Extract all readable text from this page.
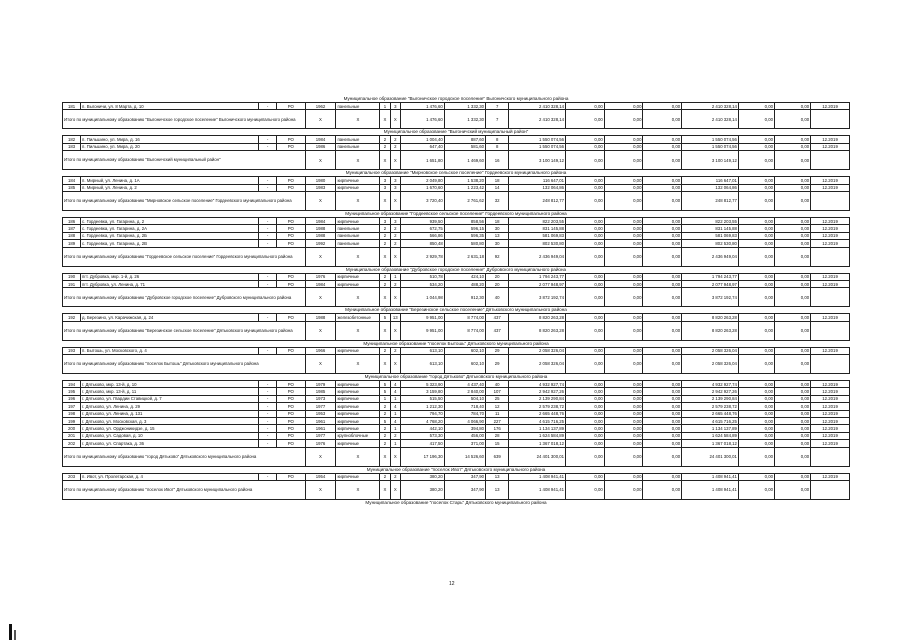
Муниципальное образование "Выгоничское городское поселение" Выгоничского муниципального района
181	п. Выгоничи, ул. 8 Марта, д. 10	-	РО	1962	панельные	1	3	1 476,60	1 332,30	7	2 410 328,14	0,00	0,00	0,00	2 410 328,14	0,00	0,00	12.2019
Итого по муниципальному образованию "Выгоничское городское поселение" Выгоничского муниципального района				X	X	X	X	1 476,60	1 332,30	7	2 410 328,14	0,00	0,00	0,00	2 410 328,14	0,00	0,00	
Муниципальное образование "Выгоничский муниципальный район"
182	п. Пильшино, ул. Мира, д. 16	-	РО	1984	панельные	2	2	1 004,40	887,60	8	1 550 074,56	0,00	0,00	0,00	1 550 074,56	0,00	0,00	12.2019
183	п. Пильшино, ул. Мира, д. 20	-	РО	1986	панельные	2	2	647,40	581,60	8	1 550 074,56	0,00	0,00	0,00	1 550 074,56	0,00	0,00	12.2019
Итого по муниципальному образованию "Выгоничский муниципальный район"				X	X	X	X	1 651,80	1 469,60	16	3 100 149,12	0,00	0,00	0,00	3 100 149,12	0,00	0,00	
Муниципальное образование "Мирновское сельское поселение" Гордеевского муниципального района
184	п. Мирный, ул. Ленина, д. 1А	-	РО	1980	кирпичные	3	3	2 049,80	1 538,20	18	116 647,01	0,00	0,00	0,00	116 647,01	0,00	0,00	12.2019
185	п. Мирный, ул. Ленина, д. 2	-	РО	1983	кирпичные	3	3	1 670,60	1 223,42	14	132 064,86	0,00	0,00	0,00	132 064,86	0,00	0,00	12.2019
Итого по муниципальному образованию "Мирновское сельское поселение" Гордеевского муниципального района				X	X	X	X	3 720,40	2 761,62	32	248 812,77	0,00	0,00	0,00	248 812,77	0,00	0,00	
Муниципальное образование "Гордеевское сельское поселение" Гордеевского муниципального района
186	с. Гордеевка, ул. Гагарина, д. 2	-	РО	1984	кирпичные	3	3	939,50	858,56	18	822 203,55	0,00	0,00	0,00	822 203,55	0,00	0,00	12.2019
187	с. Гордеевка, ул. Гагарина, д. 2А	-	РО	1988	панельные	2	2	672,75	596,15	30	831 145,88	0,00	0,00	0,00	831 145,88	0,00	0,00	12.2019
188	с. Гордеевка, ул. Гагарина, д. 2Б	-	РО	1988	панельные	2	2	566,86	596,35	13	581 069,83	0,00	0,00	0,00	581 069,83	0,00	0,00	12.2019
189	с. Гордеевка, ул. Гагарина, д. 2В	-	РО	1992	панельные	2	2	850,48	580,80	30	802 530,80	0,00	0,00	0,00	802 530,80	0,00	0,00	12.2019
Итого по муниципальному образованию "Гордеевское сельское поселение" Гордеевского муниципального района				X	X	X	X	2 929,78	2 631,18	92	2 436 949,04	0,00	0,00	0,00	2 436 949,04	0,00	0,00	
Муниципальное образование "Дубровское городское поселение" Дубровского муниципального района
190	пгт. Дубровка, мкр. 1-й, д. 26	-	РО	1976	кирпичные	2	1	510,78	424,10	20	1 794 243,77	0,00	0,00	0,00	1 794 243,77	0,00	0,00	12.2019
191	пгт. Дубровка, ул. Ленина, д. 71	-	РО	1984	кирпичные	2	2	534,20	488,20	20	2 077 948,97	0,00	0,00	0,00	2 077 948,97	0,00	0,00	12.2019
Итого по муниципальному образованию "Дубровское городское поселение" Дубровского муниципального района				X	X	X	X	1 044,98	912,30	40	3 872 192,74	0,00	0,00	0,00	3 872 192,74	0,00	0,00	
Муниципальное образование "Березинское сельское поселение" Дятьковского муниципального района
192	д. Березино, ул. Карачижская, д. 24	-	РО	1988	железобетонные	5	13	9 951,00	8 774,00	437	8 820 263,28	0,00	0,00	0,00	8 820 263,28	0,00	0,00	12.2019
Итого по муниципальному образованию "Березинское сельское поселение" Дятьковского муниципального района				X	X	X	X	9 951,00	8 774,00	437	8 820 263,28	0,00	0,00	0,00	8 820 263,28	0,00	0,00	
Муниципальное образование "поселок Бытошь" Дятьковского муниципального района
193	п. Бытошь, ул. Московского, д. 4	-	РО	1966	кирпичные	2	2	613,10	602,10	29	2 058 326,04	0,00	0,00	0,00	2 058 326,04	0,00	0,00	12.2019
Итого по муниципальному образованию "поселок Бытошь" Дятьковского муниципального района				X	X	X	X	613,10	602,10	29	2 058 326,04	0,00	0,00	0,00	2 058 326,04	0,00	0,00	
Муниципальное образование "город Дятьково" Дятьковского муниципального района
194	г. Дятьково, мкр. 13-й, д. 10	-	РО	1979	кирпичные	5	4	5 323,90	4 437,40	40	4 932 927,74	0,00	0,00	0,00	4 932 927,74	0,00	0,00	12.2019
195	г. Дятьково, мкр. 13-й, д. 11	-	РО	1985	кирпичные	5	4	3 159,80	2 840,00	107	2 942 927,26	0,00	0,00	0,00	2 942 927,26	0,00	0,00	12.2019
196	г. Дятьково, ул. Гвардии Ставицкой, д. 7	-	РО	1973	кирпичные	1	1	515,50	504,10	25	2 139 290,84	0,00	0,00	0,00	2 139 290,84	0,00	0,00	12.2019
197	г. Дятьково, ул. Ленина, д. 29	-	РО	1977	кирпичные	2	4	1 212,30	718,40	12	2 579 238,72	0,00	0,00	0,00	2 579 238,72	0,00	0,00	12.2019
198	г. Дятьково, ул. Ленина, д. 131	-	РО	1953	кирпичные	2	1	794,70	784,70	11	2 665 448,76	0,00	0,00	0,00	2 665 448,76	0,00	0,00	12.2019
199	г. Дятьково, ул. Московская, д. 3	-	РО	1961	кирпичные	5	4	4 768,20	4 066,90	227	4 615 716,25	0,00	0,00	0,00	4 615 716,25	0,00	0,00	12.2019
200	г. Дятьково, ул. Орджоникидзе, д. 15	-	РО	1961	кирпичные	2	1	442,10	394,80	176	1 134 137,89	0,00	0,00	0,00	1 134 137,89	0,00	0,00	12.2019
201	г. Дятьково, ул. Садовая, д. 10	-	РО	1977	крупноблочные	2	2	573,30	456,00	28	1 624 584,89	0,00	0,00	0,00	1 624 584,89	0,00	0,00	12.2019
202	г. Дятьково, ул. Спартака, д. 36	-	РО	1976	кирпичные	2	1	417,50	371,00	15	1 367 018,12	0,00	0,00	0,00	1 367 018,12	0,00	0,00	12.2019
Итого по муниципальному образованию "город Дятьково" Дятьковского муниципального района				X	X	X	X	17 196,30	14 526,60	639	24 401 300,01	0,00	0,00	0,00	24 401 300,01	0,00	0,00	
Муниципальное образование "поселок Ивот" Дятьковского муниципального района
203	п. Ивот, ул. Пролетарская, д. 4	-	РО	1954	кирпичные	2	2	380,20	347,90	13	1 408 941,41	0,00	0,00	0,00	1 408 941,41	0,00	0,00	12.2019
Итого по муниципальному образованию "поселок Ивот" Дятьковского муниципального района				X	X	X	X	380,20	347,90	13	1 408 941,41	0,00	0,00	0,00	1 408 941,41	0,00	0,00	
Муниципальное образование "поселок Старь" Дятьковского муниципального района
12
